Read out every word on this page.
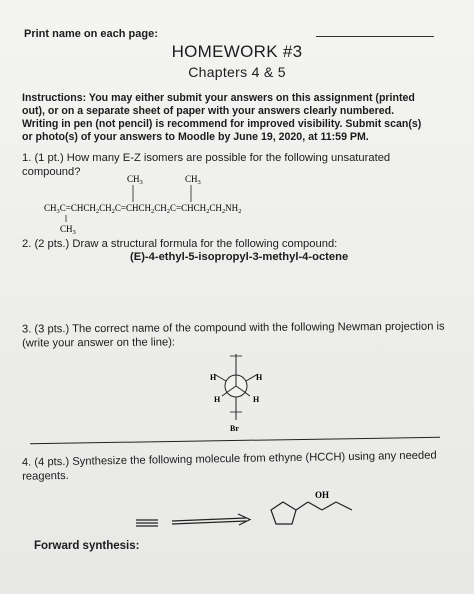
Print name on each page:
HOMEWORK #3
Chapters 4 & 5
Instructions: You may either submit your answers on this assignment (printed out), or on a separate sheet of paper with your answers clearly numbered. Writing in pen (not pencil) is recommend for improved visibility. Submit scan(s) or photo(s) of your answers to Moodle by June 19, 2020, at 11:59 PM.
1. (1 pt.) How many E-Z isomers are possible for the following unsaturated compound?
$CH_3$	$CH_3$
$CH_3C=CHCH_2CH_2C=CHCH_2CH_2C=CHCH_2CH_2NH_2$
$CH_3$
2. (2 pts.) Draw a structural formula for the following compound:
(E)-4-ethyl-5-isopropyl-3-methyl-4-octene
3. (3 pts.) The correct name of the compound with the following Newman projection is (write your answer on the line):
H	H
H	H
Br
4. (4 pts.) Synthesize the following molecule from ethyne (HCCH) using any needed reagents.
OH
Forward synthesis:
